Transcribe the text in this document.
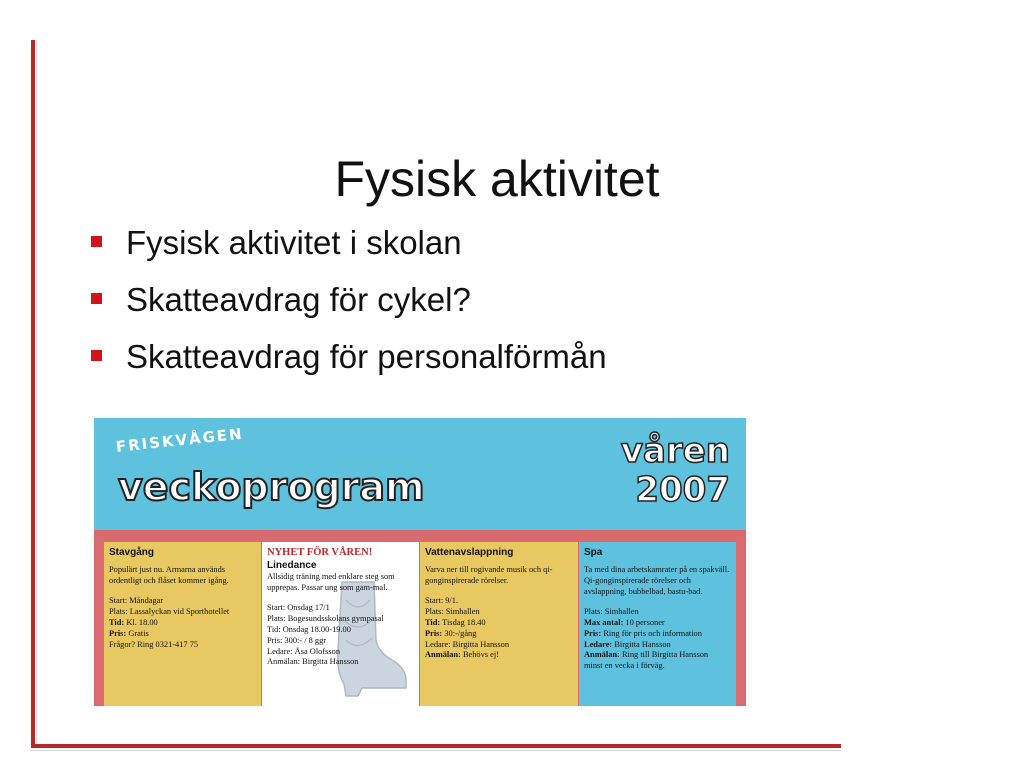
Fysisk aktivitet
Fysisk aktivitet i skolan
Skatteavdrag för cykel?
Skatteavdrag för personalförmån
FRISKVÅGEN
veckoprogram
våren
2007
Stavgång

Populärt just nu. Armarna används ordentligt och flåset kommer igång.

Start: Måndagar
Plats: Lassalyckan vid Sporthotellet
Tid: Kl. 18.00
Pris: Gratis
Frågor? Ring 0321-417 75
NYHET FÖR VÅREN!
Linedance

Allsidig träning med enklare steg som upprepas. Passar ung som gam-mal.

Start: Onsdag 17/1
Plats: Bogesundsskolans gympasal
Tid: Onsdag 18.00-19.00
Pris: 300:- / 8 ggr
Ledare: Åsa Olofsson
Anmälan: Birgitta Hansson
Vattenavslappning

Varva ner till rogivande musik och qi-gonginspirerade rörelser.

Start: 9/1.
Plats: Simhallen
Tid: Tisdag 18.40
Pris: 30:-/gång
Ledare: Birgitta Hansson
Anmälan: Behövs ej!
Spa

Ta med dina arbetskamrater på en spakväll. Qi-gonginspirerade rörelser och avslappning, bubbelbad, bastu-bad.

Plats: Simhallen
Max antal: 10 personer
Pris: Ring för pris och information
Ledare: Birgitta Hansson
Anmälan: Ring till Birgitta Hansson
minst en vecka i förväg.
